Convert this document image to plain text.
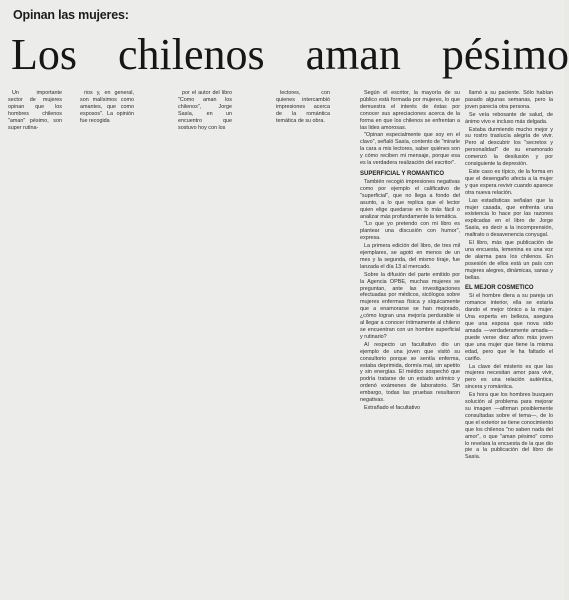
Opinan las mujeres:
Los chilenos aman pésimo

Un importante sector de mujeres opinan que los hombres chilenos "aman" pésimo, son super rutina-

rios y, en general, son malísimos como amantes, que como esposos". La opinión fue recogida

por el autor del libro "Como aman los chilenos", Jorge Sasía, en un encuentro que sostuvo hoy con los

lectores, con quienes intercambió impresiones acerca de la romántica temática de su obra.

Según el escritor, la mayoría de su público está formada por mujeres, lo que demuestra el interés de éstas por conocer sus apreciaciones acerca de la forma en que los chilenos se enfrentan a las lides amorosas.

"Opinan especialmente que soy en el clavo", señaló Sasía, contento de "mirarle la cara a mis lectores, saber quiénes son y cómo reciben mi mensaje, porque esa es la verdadera realización del escritor".

SUPERFICIAL Y ROMANTICO

También recogió impresiones negativas como por ejemplo el calificativo de "superficial", que no llega a fondo del asunto, a lo que replica que el lector quien elige quedarse en lo más fácil o analizar más profundamente la temática.

"Lo que yo pretendo con mi libro es plantear una discusión con humor", expresa.

La primera edición del libro, de tres mil ejemplares, se agotó en menos de un mes y la segunda, del mismo tiraje, fue lanzada el día 13 al mercado.

Sobre la difusión del parte emitido por la Agencia OPBE, muchas mujeres se preguntan, ante las investigaciones efectuadas por médicos, sicólogos sobre mujeres enfermas física y síquicamente que a enamorarse se han mejorado, ¿cómo logran una mejoría perdurable si al llegar a conocer íntimamente al chileno se encuentran con un hombre superficial y rutinario?

Al respecto un facultativo dio un ejemplo de una joven que visitó su consultorio porque se sentía enferma, estaba deprimida, dormía mal, sin apetito y sin energías. El médico sospechó que podría tratarse de un estado anímico y ordenó exámenes de laboratorio. Sin embargo, todas las pruebas resultaron negativas.

Extrañado el facultativo

llamó a su paciente. Sólo habían pasado algunas semanas, pero la joven parecía otra persona.

Se veía rebosante de salud, de ánimo vivo e incluso más delgada.

Estaba durmiendo mucho mejor y su rostro traslucía alegría de vivir. Pero al descubrir los "secretos y personalidad" de su enamorado comenzó la desilusión y por consiguiente la depresión.

Este caso es típico, de la forma en que el desengaño afecta a la mujer y que espera revivir cuando aparece otra nueva relación.

Las estadísticas señalan que la mujer casada, que enfrenta una existencia lo hace por las razones explicadas en el libro de Jorge Sasía, es decir a la incomprensión, maltrato o desavenencia conyugal.

El libro, más que publicación de una encuesta, lemenina es una voz de alarma para los chilenos. En posesión de ellos está un país con mujeres alegres, dinámicas, sanas y bellas.

EL MEJOR COSMETICO

Si el hombre diera a su pareja un romance interior, ella se estaría dando el mejor tónico a la mujer. Una experta en belleza, asegura que una esposa que nova sido amada —verdaderamente amada— puede verse diez años más joven que una mujer que tiene la misma edad, pero que le ha faltado el cariño.

La clave del misterio es que las mujeres necesitan amor para vivir, pero es una relación auténtica, sincera y romántica.

Es hora que los hombres busquen solución al problema para mejorar su imagen —afirman posiblemente consultadas sobre el tema—, de lo que el exterior se tiene conocimiento que los chilenos "no saben nada del amor", o que "aman pésimo" como lo revelara la encuesta de la que dio pie a la publicación del libro de Sasía.
